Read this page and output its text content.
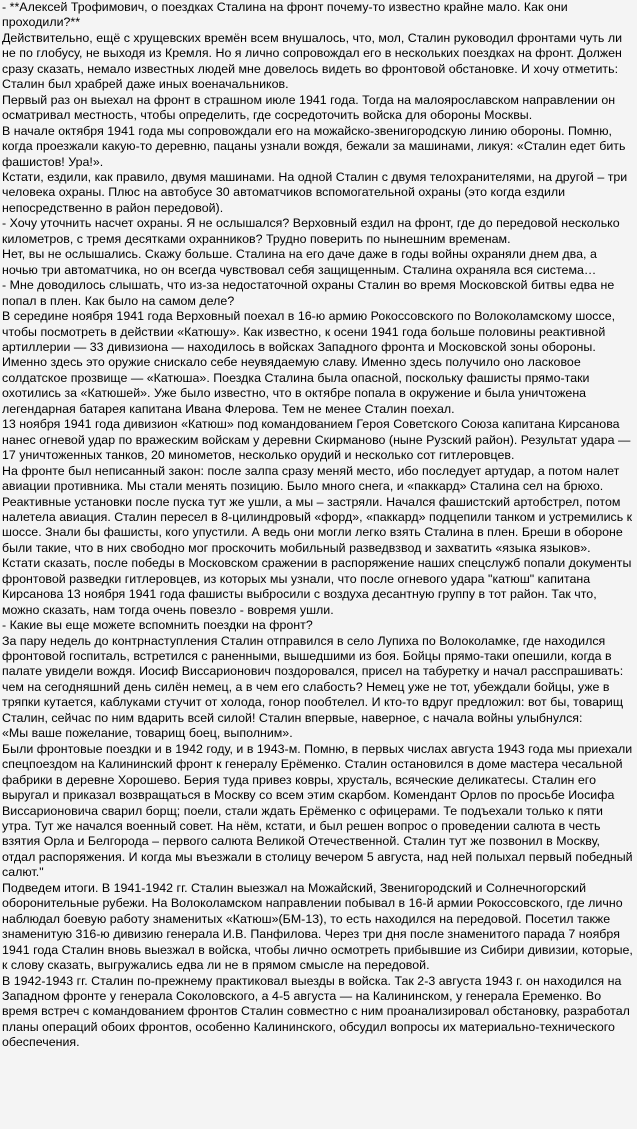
- **Алексей Трофимович, о поездках Сталина на фронт почему-то известно крайне мало. Как они проходили?**

Действительно, ещё с хрущевских времён всем внушалось, что, мол, Сталин руководил фронтами чуть ли не по глобусу, не выходя из Кремля. Но я лично сопровождал его в нескольких поездках на фронт. Должен сразу сказать, немало известных людей мне довелось видеть во фронтовой обстановке. И хочу отметить: Сталин был храбрей даже иных военачальников.

Первый раз он выехал на фронт в страшном июле 1941 года. Тогда на малоярославском направлении он осматривал местность, чтобы определить, где сосредоточить войска для обороны Москвы.

В начале октября 1941 года мы сопровождали его на можайско-звенигородскую линию обороны. Помню, когда проезжали какую-то деревню, пацаны узнали вождя, бежали за машинами, ликуя: «Сталин едет бить фашистов! Ура!».

Кстати, ездили, как правило, двумя машинами. На одной Сталин с двумя телохранителями, на другой – три человека охраны. Плюс на автобусе 30 автоматчиков вспомогательной охраны (это когда ездили непосредственно в район передовой).

- Хочу уточнить насчет охраны. Я не ослышался? Верховный ездил на фронт, где до передовой несколько километров, с тремя десятками охранников? Трудно поверить по нынешним временам.

Нет, вы не ослышались. Скажу больше. Сталина на его даче даже в годы войны охраняли днем два, а ночью три автоматчика, но он всегда чувствовал себя защищенным. Сталина охраняла вся система…

- Мне доводилось слышать, что из-за недостаточной охраны Сталин во время Московской битвы едва не попал в плен. Как было на самом деле?

В середине ноября 1941 года Верховный поехал в 16-ю армию Рокоссовского по Волоколамскому шоссе, чтобы посмотреть в действии «Катюшу». Как известно, к осени 1941 года больше половины реактивной артиллерии — 33 дивизиона — находилось в войсках Западного фронта и Московской зоны обороны. Именно здесь это оружие снискало себе неувядаемую славу. Именно здесь получило оно ласковое солдатское прозвище — «Катюша». Поездка Сталина была опасной, поскольку фашисты прямо-таки охотились за «Катюшей». Уже было известно, что в октябре попала в окружение и была уничтожена легендарная батарея капитана Ивана Флерова. Тем не менее Сталин поехал.

13 ноября 1941 года дивизион «Катюш» под командованием Героя Советского Союза капитана Кирсанова нанес огневой удар по вражеским войскам у деревни Скирманово (ныне Рузский район). Результат удара — 17 уничтоженных танков, 20 минометов, несколько орудий и несколько сот гитлеровцев.

На фронте был неписанный закон: после залпа сразу меняй место, ибо последует артудар, а потом налет авиации противника. Мы стали менять позицию. Было много снега, и «паккард» Сталина сел на брюхо. Реактивные установки после пуска тут же ушли, а мы – застряли. Начался фашистский артобстрел, потом налетела авиация. Сталин пересел в 8-цилиндровый «форд», «паккард» подцепили танком и устремились к шоссе. Знали бы фашисты, кого упустили. А ведь они могли легко взять Сталина в плен. Бреши в обороне были такие, что в них свободно мог проскочить мобильный разведвзвод и захватить «языка языков».

Кстати сказать, после победы в Московском сражении в распоряжение наших спецслужб попали документы фронтовой разведки гитлеровцев, из которых мы узнали, что после огневого удара "катюш" капитана Кирсанова 13 ноября 1941 года фашисты выбросили с воздуха десантную группу в тот район. Так что, можно сказать, нам тогда очень повезло - вовремя ушли.

- Какие вы еще можете вспомнить поездки на фронт?

За пару недель до контрнаступления Сталин отправился в село Лупиха по Волоколамке, где находился фронтовой госпиталь, встретился с раненными, вышедшими из боя. Бойцы прямо-таки опешили, когда в палате увидели вождя. Иосиф Виссарионович поздоровался, присел на табуретку и начал расспрашивать: чем на сегодняшний день силён немец, а в чем его слабость? Немец уже не тот, убеждали бойцы, уже в тряпки кутается, каблуками стучит от холода, гонор пообтелел. И кто-то вдруг предложил: вот бы, товарищ Сталин, сейчас по ним вдарить всей силой! Сталин впервые, наверное, с начала войны улыбнулся:

«Мы ваше пожелание, товарищ боец, выполним».

Были фронтовые поездки и в 1942 году, и в 1943-м. Помню, в первых числах августа 1943 года мы приехали спецпоездом на Калининский фронт к генералу Ерёменко. Сталин остановился в доме мастера чесальной фабрики в деревне Хорошево. Берия туда привез ковры, хрусталь, всяческие деликатесы. Сталин его выругал и приказал возвращаться в Москву со всем этим скарбом. Комендант Орлов по просьбе Иосифа Виссарионовича сварил борщ; поели, стали ждать Ерёменко с офицерами. Те подъехали только к пяти утра. Тут же начался военный совет. На нём, кстати, и был решен вопрос о проведении салюта в честь взятия Орла и Белгорода – первого салюта Великой Отечественной. Сталин тут же позвонил в Москву, отдал распоряжения. И когда мы въезжали в столицу вечером 5 августа, над ней полыхал первый победный салют."

Подведем итоги. В 1941-1942 гг. Сталин выезжал на Можайский, Звенигородский и Солнечногорский оборонительные рубежи. На Волоколамском направлении побывал в 16-й армии Рокоссовского, где лично наблюдал боевую работу знаменитых «Катюш»(БМ-13), то есть находился на передовой. Посетил также знаменитую 316-ю дивизию генерала И.В. Панфилова. Через три дня после знаменитого парада 7 ноября 1941 года Сталин вновь выезжал в войска, чтобы лично осмотреть прибывшие из Сибири дивизии, которые, к слову сказать, выгружались едва ли не в прямом смысле на передовой.

В 1942-1943 гг. Сталин по-прежнему практиковал выезды в войска. Так 2-3 августа 1943 г. он находился на Западном фронте у генерала Соколовского, а 4-5 августа — на Калининском, у генерала Еременко. Во время встреч с командованием фронтов Сталин совместно с ним проанализировал обстановку, разработал планы операций обоих фронтов, особенно Калининского, обсудил вопросы их материально-технического обеспечения.
